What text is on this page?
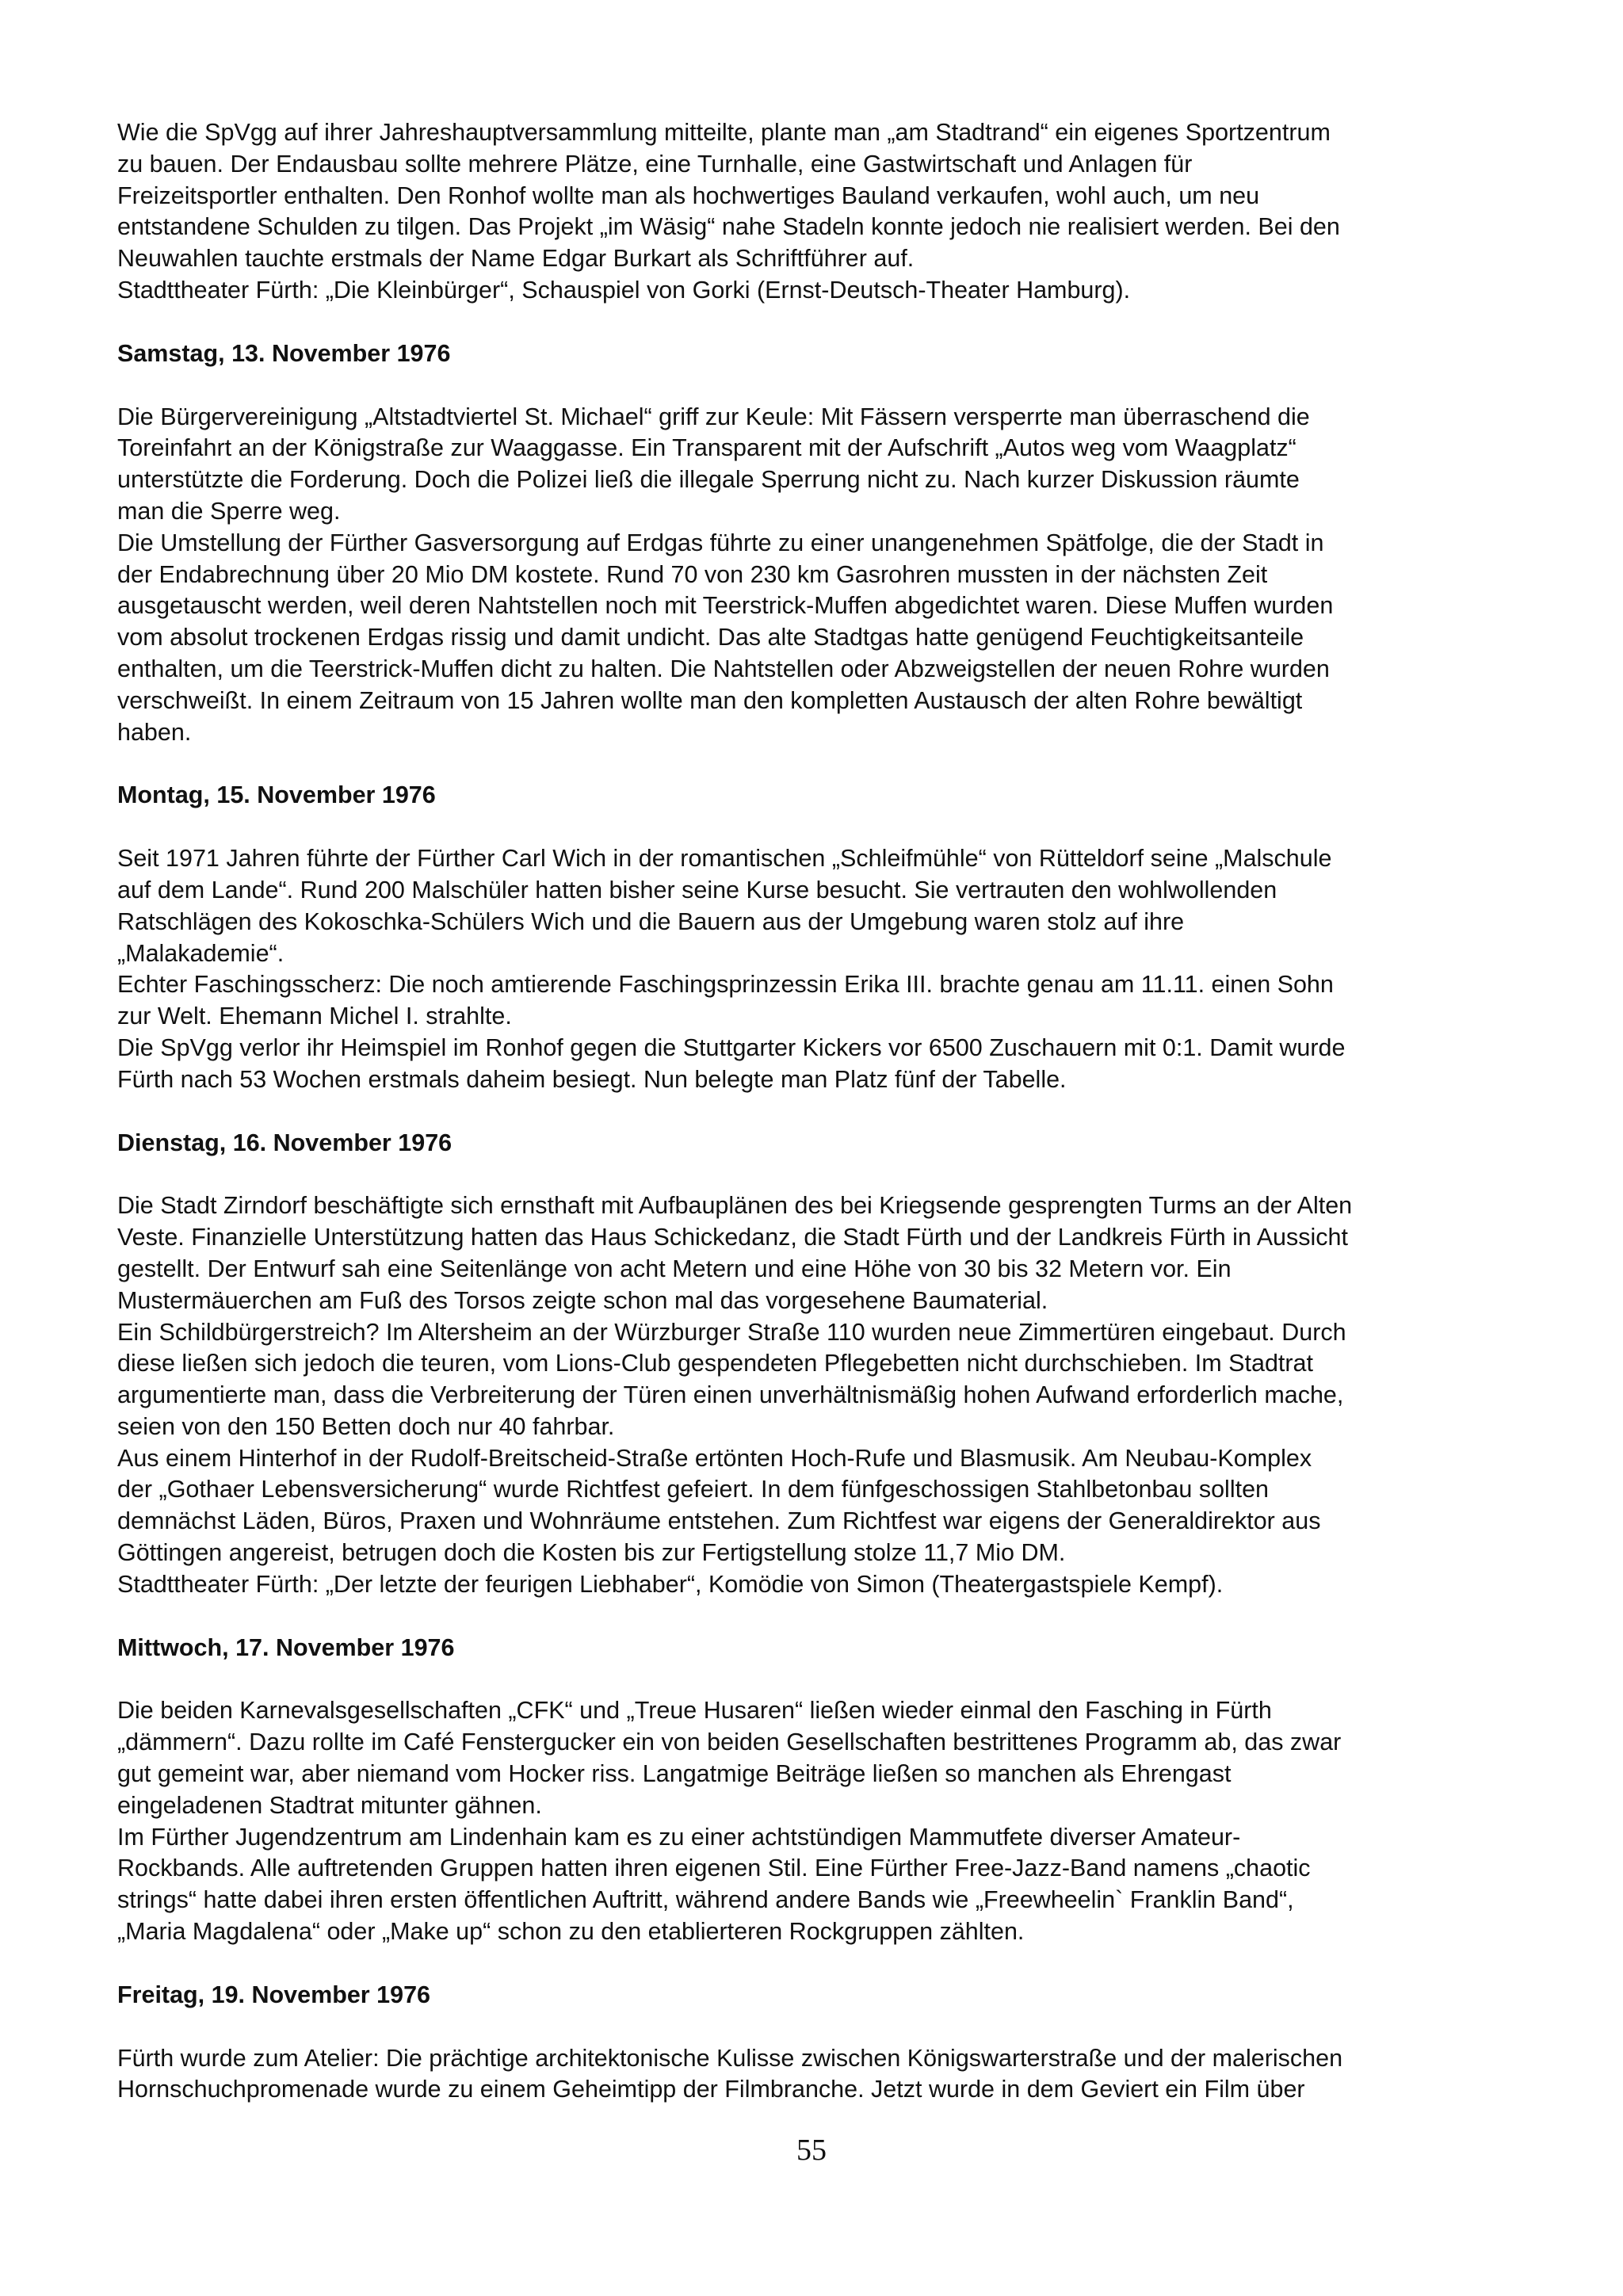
Wie die SpVgg auf ihrer Jahreshauptversammlung mitteilte, plante man „am Stadtrand“ ein eigenes Sportzentrum

zu bauen. Der Endausbau sollte mehrere Plätze, eine Turnhalle, eine Gastwirtschaft und Anlagen für

Freizeitsportler enthalten. Den Ronhof wollte man als hochwertiges Bauland verkaufen, wohl auch, um neu

entstandene Schulden zu tilgen. Das Projekt „im Wäsig“ nahe Stadeln konnte jedoch nie realisiert werden. Bei den

Neuwahlen tauchte erstmals der Name Edgar Burkart als Schriftführer auf.

Stadttheater Fürth: „Die Kleinbürger“, Schauspiel von Gorki (Ernst-Deutsch-Theater Hamburg).

Samstag, 13. November 1976

Die Bürgervereinigung „Altstadtviertel St. Michael“ griff zur Keule: Mit Fässern versperrte man überraschend die

Toreinfahrt an der Königstraße zur Waaggasse. Ein Transparent mit der Aufschrift „Autos weg vom Waagplatz“

unterstützte die Forderung. Doch die Polizei ließ die illegale Sperrung nicht zu. Nach kurzer Diskussion räumte

man die Sperre weg.

Die Umstellung der Fürther Gasversorgung auf Erdgas führte zu einer unangenehmen Spätfolge, die der Stadt in

der Endabrechnung über 20 Mio DM kostete. Rund 70 von 230 km Gasrohren mussten in der nächsten Zeit

ausgetauscht werden, weil deren Nahtstellen noch mit Teerstrick-Muffen abgedichtet waren. Diese Muffen wurden

vom absolut trockenen Erdgas rissig und damit undicht. Das alte Stadtgas hatte genügend Feuchtigkeitsanteile

enthalten, um die Teerstrick-Muffen dicht zu halten. Die Nahtstellen oder Abzweigstellen der neuen Rohre wurden

verschweißt. In einem Zeitraum von 15 Jahren wollte man den kompletten Austausch der alten Rohre bewältigt

haben.

Montag, 15. November 1976

Seit 1971 Jahren führte der Fürther Carl Wich in der romantischen „Schleifmühle“ von Rütteldorf seine „Malschule

auf dem Lande“. Rund 200 Malschüler hatten bisher seine Kurse besucht. Sie vertrauten den wohlwollenden

Ratschlägen des Kokoschka-Schülers Wich und die Bauern aus der Umgebung waren stolz auf ihre

„Malakademie“.

Echter Faschingsscherz: Die noch amtierende Faschingsprinzessin Erika III. brachte genau am 11.11. einen Sohn

zur Welt. Ehemann Michel I. strahlte.

Die SpVgg verlor ihr Heimspiel im Ronhof gegen die Stuttgarter Kickers vor 6500 Zuschauern mit 0:1. Damit wurde

Fürth nach 53 Wochen erstmals daheim besiegt. Nun belegte man Platz fünf der Tabelle.

Dienstag, 16. November 1976

Die Stadt Zirndorf beschäftigte sich ernsthaft mit Aufbauplänen des bei Kriegsende gesprengten Turms an der Alten

Veste. Finanzielle Unterstützung hatten das Haus Schickedanz, die Stadt Fürth und der Landkreis Fürth in Aussicht

gestellt. Der Entwurf sah eine Seitenlänge von acht Metern und eine Höhe von 30 bis 32 Metern vor. Ein

Mustermäuerchen am Fuß des Torsos zeigte schon mal das vorgesehene Baumaterial.

Ein Schildbürgerstreich? Im Altersheim an der Würzburger Straße 110 wurden neue Zimmertüren eingebaut. Durch

diese ließen sich jedoch die teuren, vom Lions-Club gespendeten Pflegebetten nicht durchschieben. Im Stadtrat

argumentierte man, dass die Verbreiterung der Türen einen unverhältnismäßig hohen Aufwand erforderlich mache,

seien von den 150 Betten doch nur 40 fahrbar.

Aus einem Hinterhof in der Rudolf-Breitscheid-Straße ertönten Hoch-Rufe und Blasmusik. Am Neubau-Komplex

der „Gothaer Lebensversicherung“ wurde Richtfest gefeiert. In dem fünfgeschossigen Stahlbetonbau sollten

demnächst Läden, Büros, Praxen und Wohnräume entstehen. Zum Richtfest war eigens der Generaldirektor aus

Göttingen angereist, betrugen doch die Kosten bis zur Fertigstellung stolze 11,7 Mio DM.

Stadttheater Fürth: „Der letzte der feurigen Liebhaber“, Komödie von Simon (Theatergastspiele Kempf).

Mittwoch, 17. November 1976

Die beiden Karnevalsgesellschaften „CFK“ und „Treue Husaren“ ließen wieder einmal den Fasching in Fürth

„dämmern“. Dazu rollte im Café Fenstergucker ein von beiden Gesellschaften bestrittenes Programm ab, das zwar

gut gemeint war, aber niemand vom Hocker riss. Langatmige Beiträge ließen so manchen als Ehrengast

eingeladenen Stadtrat mitunter gähnen.

Im Fürther Jugendzentrum am Lindenhain kam es zu einer achtstündigen Mammutfete diverser Amateur-

Rockbands. Alle auftretenden Gruppen hatten ihren eigenen Stil. Eine Fürther Free-Jazz-Band namens „chaotic

strings“ hatte dabei ihren ersten öffentlichen Auftritt, während andere Bands wie „Freewheelin` Franklin Band“,

„Maria Magdalena“ oder „Make up“ schon zu den etablierteren Rockgruppen zählten.

Freitag, 19. November 1976

Fürth wurde zum Atelier: Die prächtige architektonische Kulisse zwischen Königswarterstraße und der malerischen

Hornschuchpromenade wurde zu einem Geheimtipp der Filmbranche. Jetzt wurde in dem Geviert ein Film über

55
